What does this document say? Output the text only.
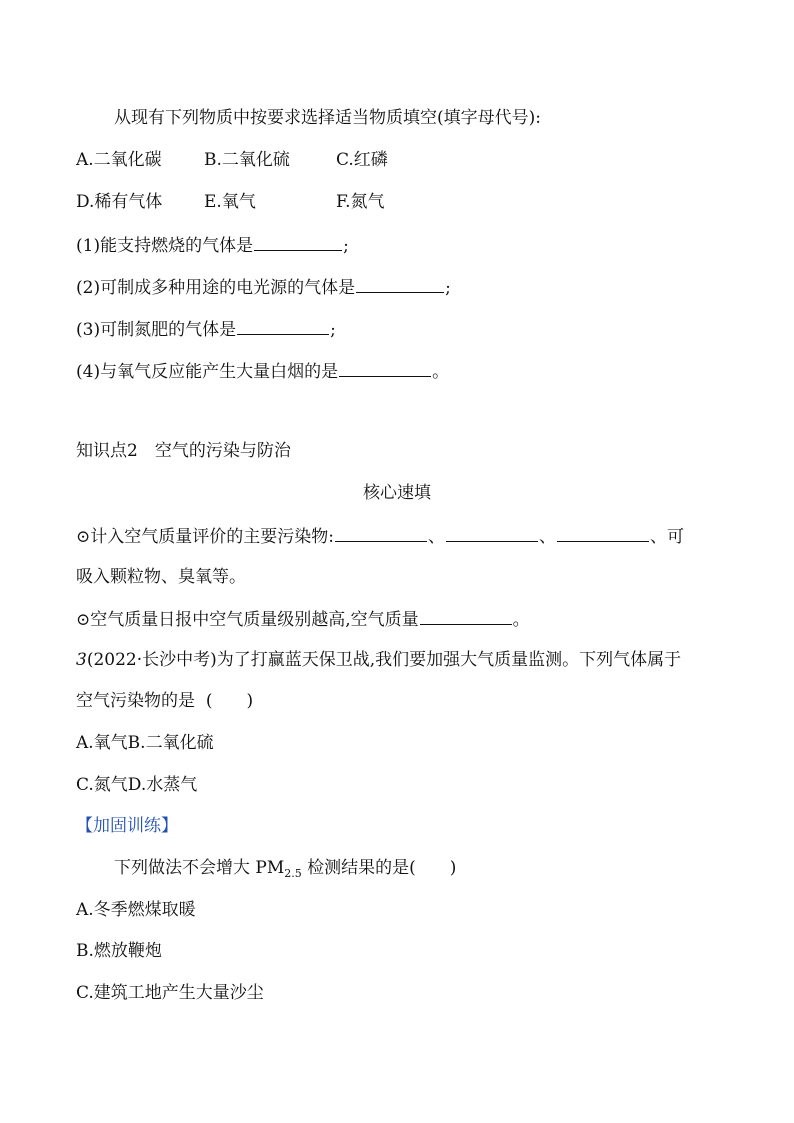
从现有下列物质中按要求选择适当物质填空(填字母代号):
A.二氧化碳 B.二氧化硫	C.红磷
D.稀有气体 E.氧气	F.氮气
(1)能支持燃烧的气体是	;
(2)可制成多种用途的电光源的气体是	;
(3)可制氮肥的气体是	;
(4)与氧气反应能产生大量白烟的是	。
知识点2　空气的污染与防治
核心速填
⊙计入空气质量评价的主要污染物:	、	、	、可
吸入颗粒物、臭氧等。
⊙空气质量日报中空气质量级别越高,空气质量	。
3(2022·长沙中考)为了打赢蓝天保卫战,我们要加强大气质量监测。下列气体属于
空气污染物的是 (　　)
A.氧气B.二氧化硫
C.氮气D.水蒸气
【加固训练】
下列做法不会增大 $PM_{2.5}$ 检测结果的是(　　)
A.冬季燃煤取暖
B.燃放鞭炮
C.建筑工地产生大量沙尘
